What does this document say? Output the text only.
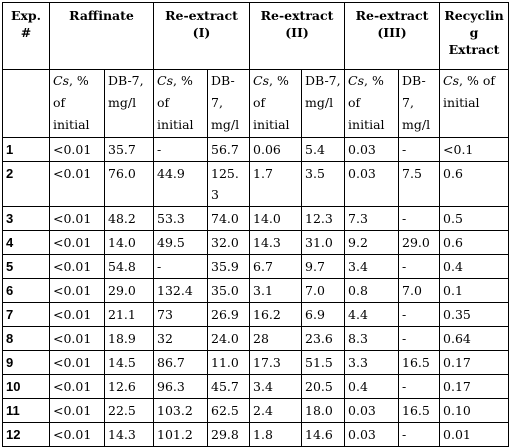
Exp. #	Raffinate		Re-extract (I)		Re-extract (II)		Re-extract (III)		Recycling Extract
	Cs, % of initial	DB-7, mg/l	Cs, % of initial	DB-7, mg/l	Cs, % of initial	DB-7, mg/l	Cs, % of initial	DB-7, mg/l	Cs, % of initial
1	<0.01	35.7	-	56.7	0.06	5.4	0.03	-	<0.1
2	<0.01	76.0	44.9	125.3	1.7	3.5	0.03	7.5	0.6
3	<0.01	48.2	53.3	74.0	14.0	12.3	7.3	-	0.5
4	<0.01	14.0	49.5	32.0	14.3	31.0	9.2	29.0	0.6
5	<0.01	54.8	-	35.9	6.7	9.7	3.4	-	0.4
6	<0.01	29.0	132.4	35.0	3.1	7.0	0.8	7.0	0.1
7	<0.01	21.1	73	26.9	16.2	6.9	4.4	-	0.35
8	<0.01	18.9	32	24.0	28	23.6	8.3	-	0.64
9	<0.01	14.5	86.7	11.0	17.3	51.5	3.3	16.5	0.17
10	<0.01	12.6	96.3	45.7	3.4	20.5	0.4	-	0.17
11	<0.01	22.5	103.2	62.5	2.4	18.0	0.03	16.5	0.10
12	<0.01	14.3	101.2	29.8	1.8	14.6	0.03	-	0.01
